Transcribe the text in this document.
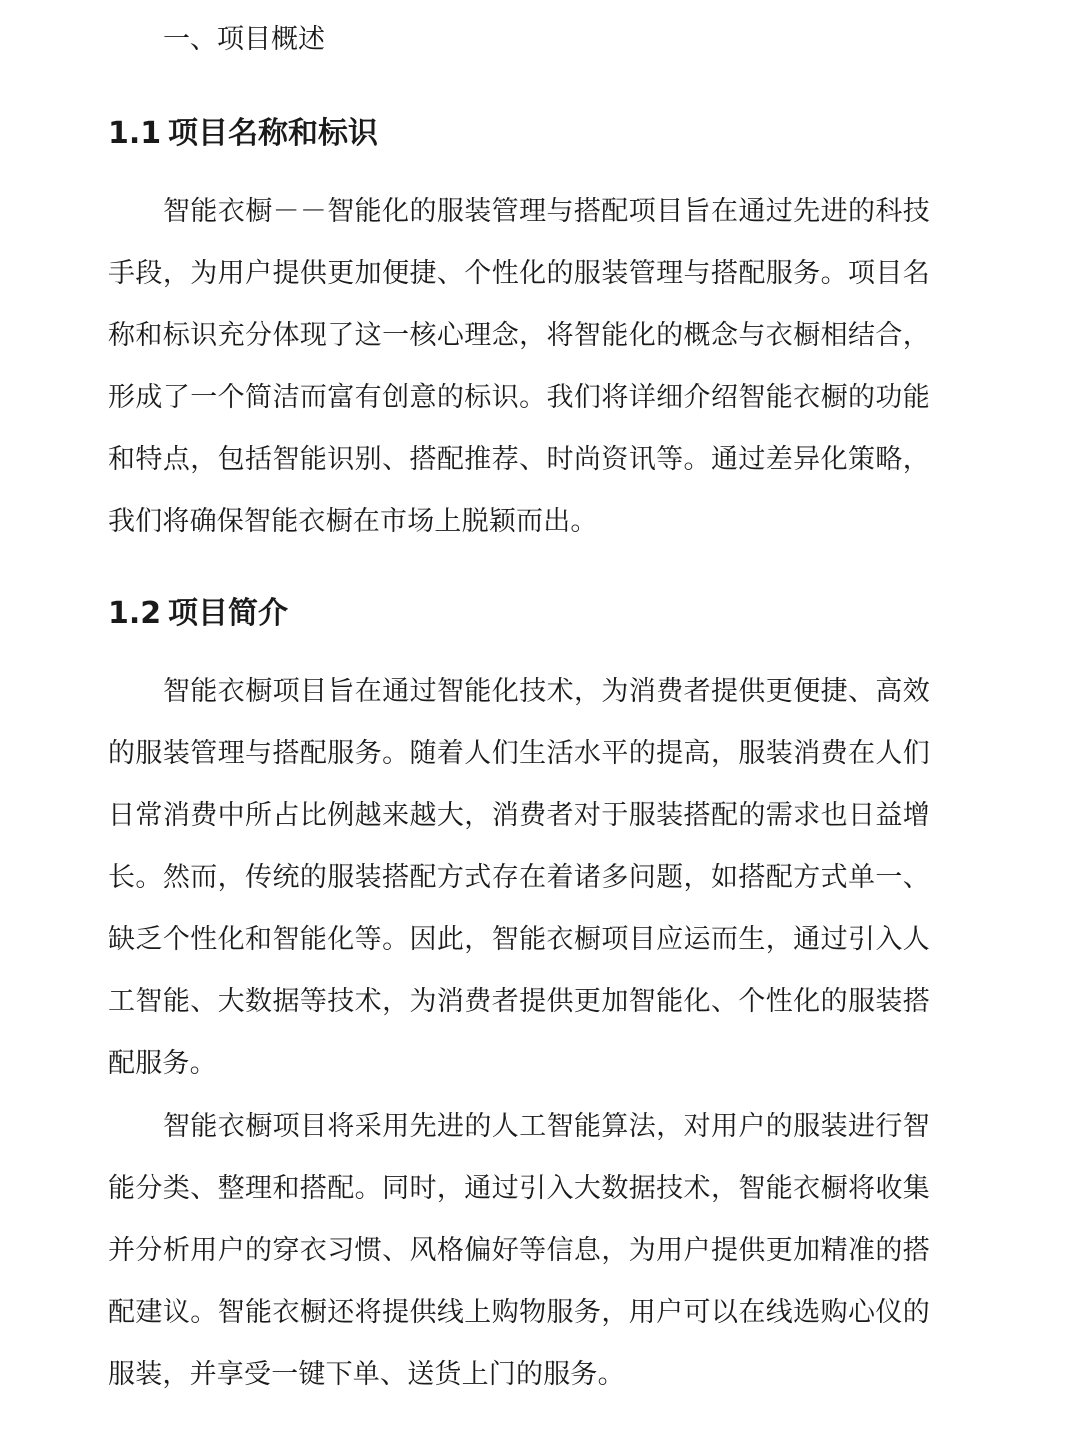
一、项目概述
1.1 项目名称和标识

智能衣橱－－智能化的服装管理与搭配项目旨在通过先进的科技手段，为用户提供更加便捷、个性化的服装管理与搭配服务。项目名称和标识充分体现了这一核心理念，将智能化的概念与衣橱相结合，形成了一个简洁而富有创意的标识。我们将详细介绍智能衣橱的功能和特点，包括智能识别、搭配推荐、时尚资讯等。通过差异化策略，我们将确保智能衣橱在市场上脱颖而出。

1.2 项目简介

智能衣橱项目旨在通过智能化技术，为消费者提供更便捷、高效的服装管理与搭配服务。随着人们生活水平的提高，服装消费在人们日常消费中所占比例越来越大，消费者对于服装搭配的需求也日益增长。然而，传统的服装搭配方式存在着诸多问题，如搭配方式单一、缺乏个性化和智能化等。因此，智能衣橱项目应运而生，通过引入人工智能、大数据等技术，为消费者提供更加智能化、个性化的服装搭配服务。

智能衣橱项目将采用先进的人工智能算法，对用户的服装进行智能分类、整理和搭配。同时，通过引入大数据技术，智能衣橱将收集并分析用户的穿衣习惯、风格偏好等信息，为用户提供更加精准的搭配建议。智能衣橱还将提供线上购物服务，用户可以在线选购心仪的服装，并享受一键下单、送货上门的服务。
